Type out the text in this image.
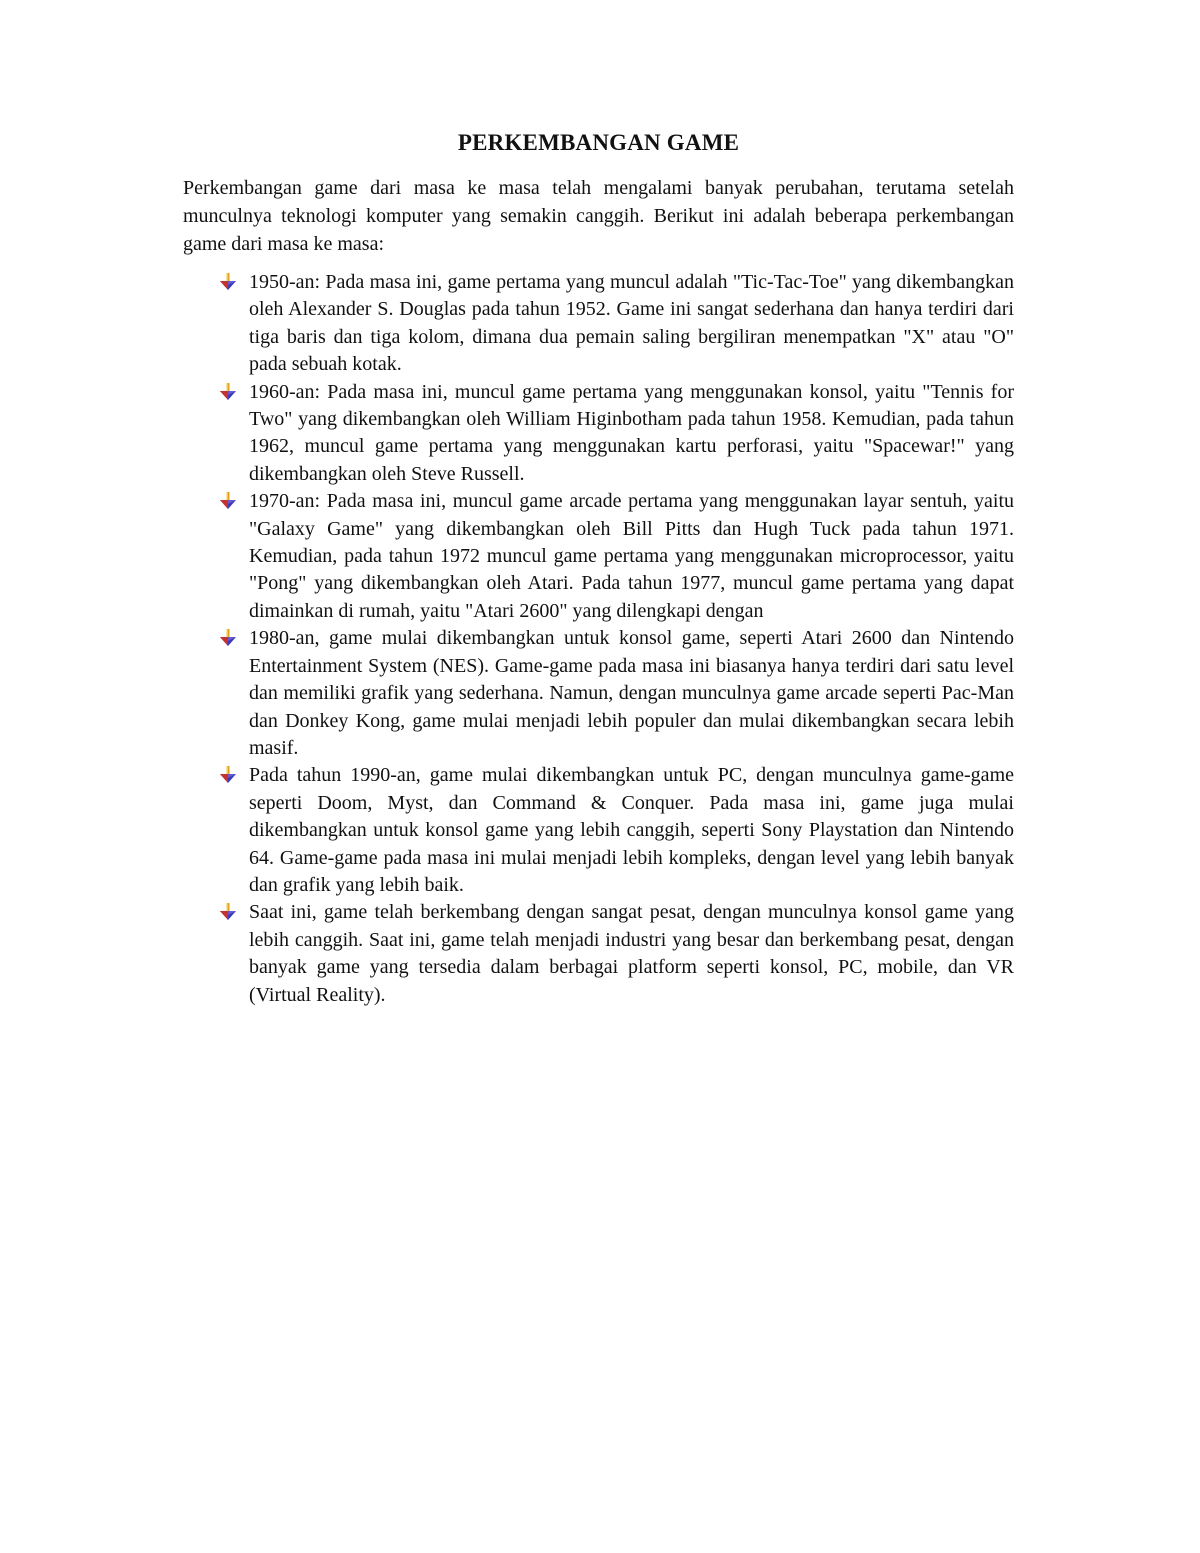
PERKEMBANGAN GAME

Perkembangan game dari masa ke masa telah mengalami banyak perubahan, terutama setelah munculnya teknologi komputer yang semakin canggih. Berikut ini adalah beberapa perkembangan game dari masa ke masa:

1950-an: Pada masa ini, game pertama yang muncul adalah "Tic-Tac-Toe" yang dikembangkan oleh Alexander S. Douglas pada tahun 1952. Game ini sangat sederhana dan hanya terdiri dari tiga baris dan tiga kolom, dimana dua pemain saling bergiliran menempatkan "X" atau "O" pada sebuah kotak.
1960-an: Pada masa ini, muncul game pertama yang menggunakan konsol, yaitu "Tennis for Two" yang dikembangkan oleh William Higinbotham pada tahun 1958. Kemudian, pada tahun 1962, muncul game pertama yang menggunakan kartu perforasi, yaitu "Spacewar!" yang dikembangkan oleh Steve Russell.
1970-an: Pada masa ini, muncul game arcade pertama yang menggunakan layar sentuh, yaitu "Galaxy Game" yang dikembangkan oleh Bill Pitts dan Hugh Tuck pada tahun 1971. Kemudian, pada tahun 1972 muncul game pertama yang menggunakan microprocessor, yaitu "Pong" yang dikembangkan oleh Atari. Pada tahun 1977, muncul game pertama yang dapat dimainkan di rumah, yaitu "Atari 2600" yang dilengkapi dengan
1980-an, game mulai dikembangkan untuk konsol game, seperti Atari 2600 dan Nintendo Entertainment System (NES). Game-game pada masa ini biasanya hanya terdiri dari satu level dan memiliki grafik yang sederhana. Namun, dengan munculnya game arcade seperti Pac-Man dan Donkey Kong, game mulai menjadi lebih populer dan mulai dikembangkan secara lebih masif.
Pada tahun 1990-an, game mulai dikembangkan untuk PC, dengan munculnya game-game seperti Doom, Myst, dan Command & Conquer. Pada masa ini, game juga mulai dikembangkan untuk konsol game yang lebih canggih, seperti Sony Playstation dan Nintendo 64. Game-game pada masa ini mulai menjadi lebih kompleks, dengan level yang lebih banyak dan grafik yang lebih baik.
Saat ini, game telah berkembang dengan sangat pesat, dengan munculnya konsol game yang lebih canggih. Saat ini, game telah menjadi industri yang besar dan berkembang pesat, dengan banyak game yang tersedia dalam berbagai platform seperti konsol, PC, mobile, dan VR (Virtual Reality).
